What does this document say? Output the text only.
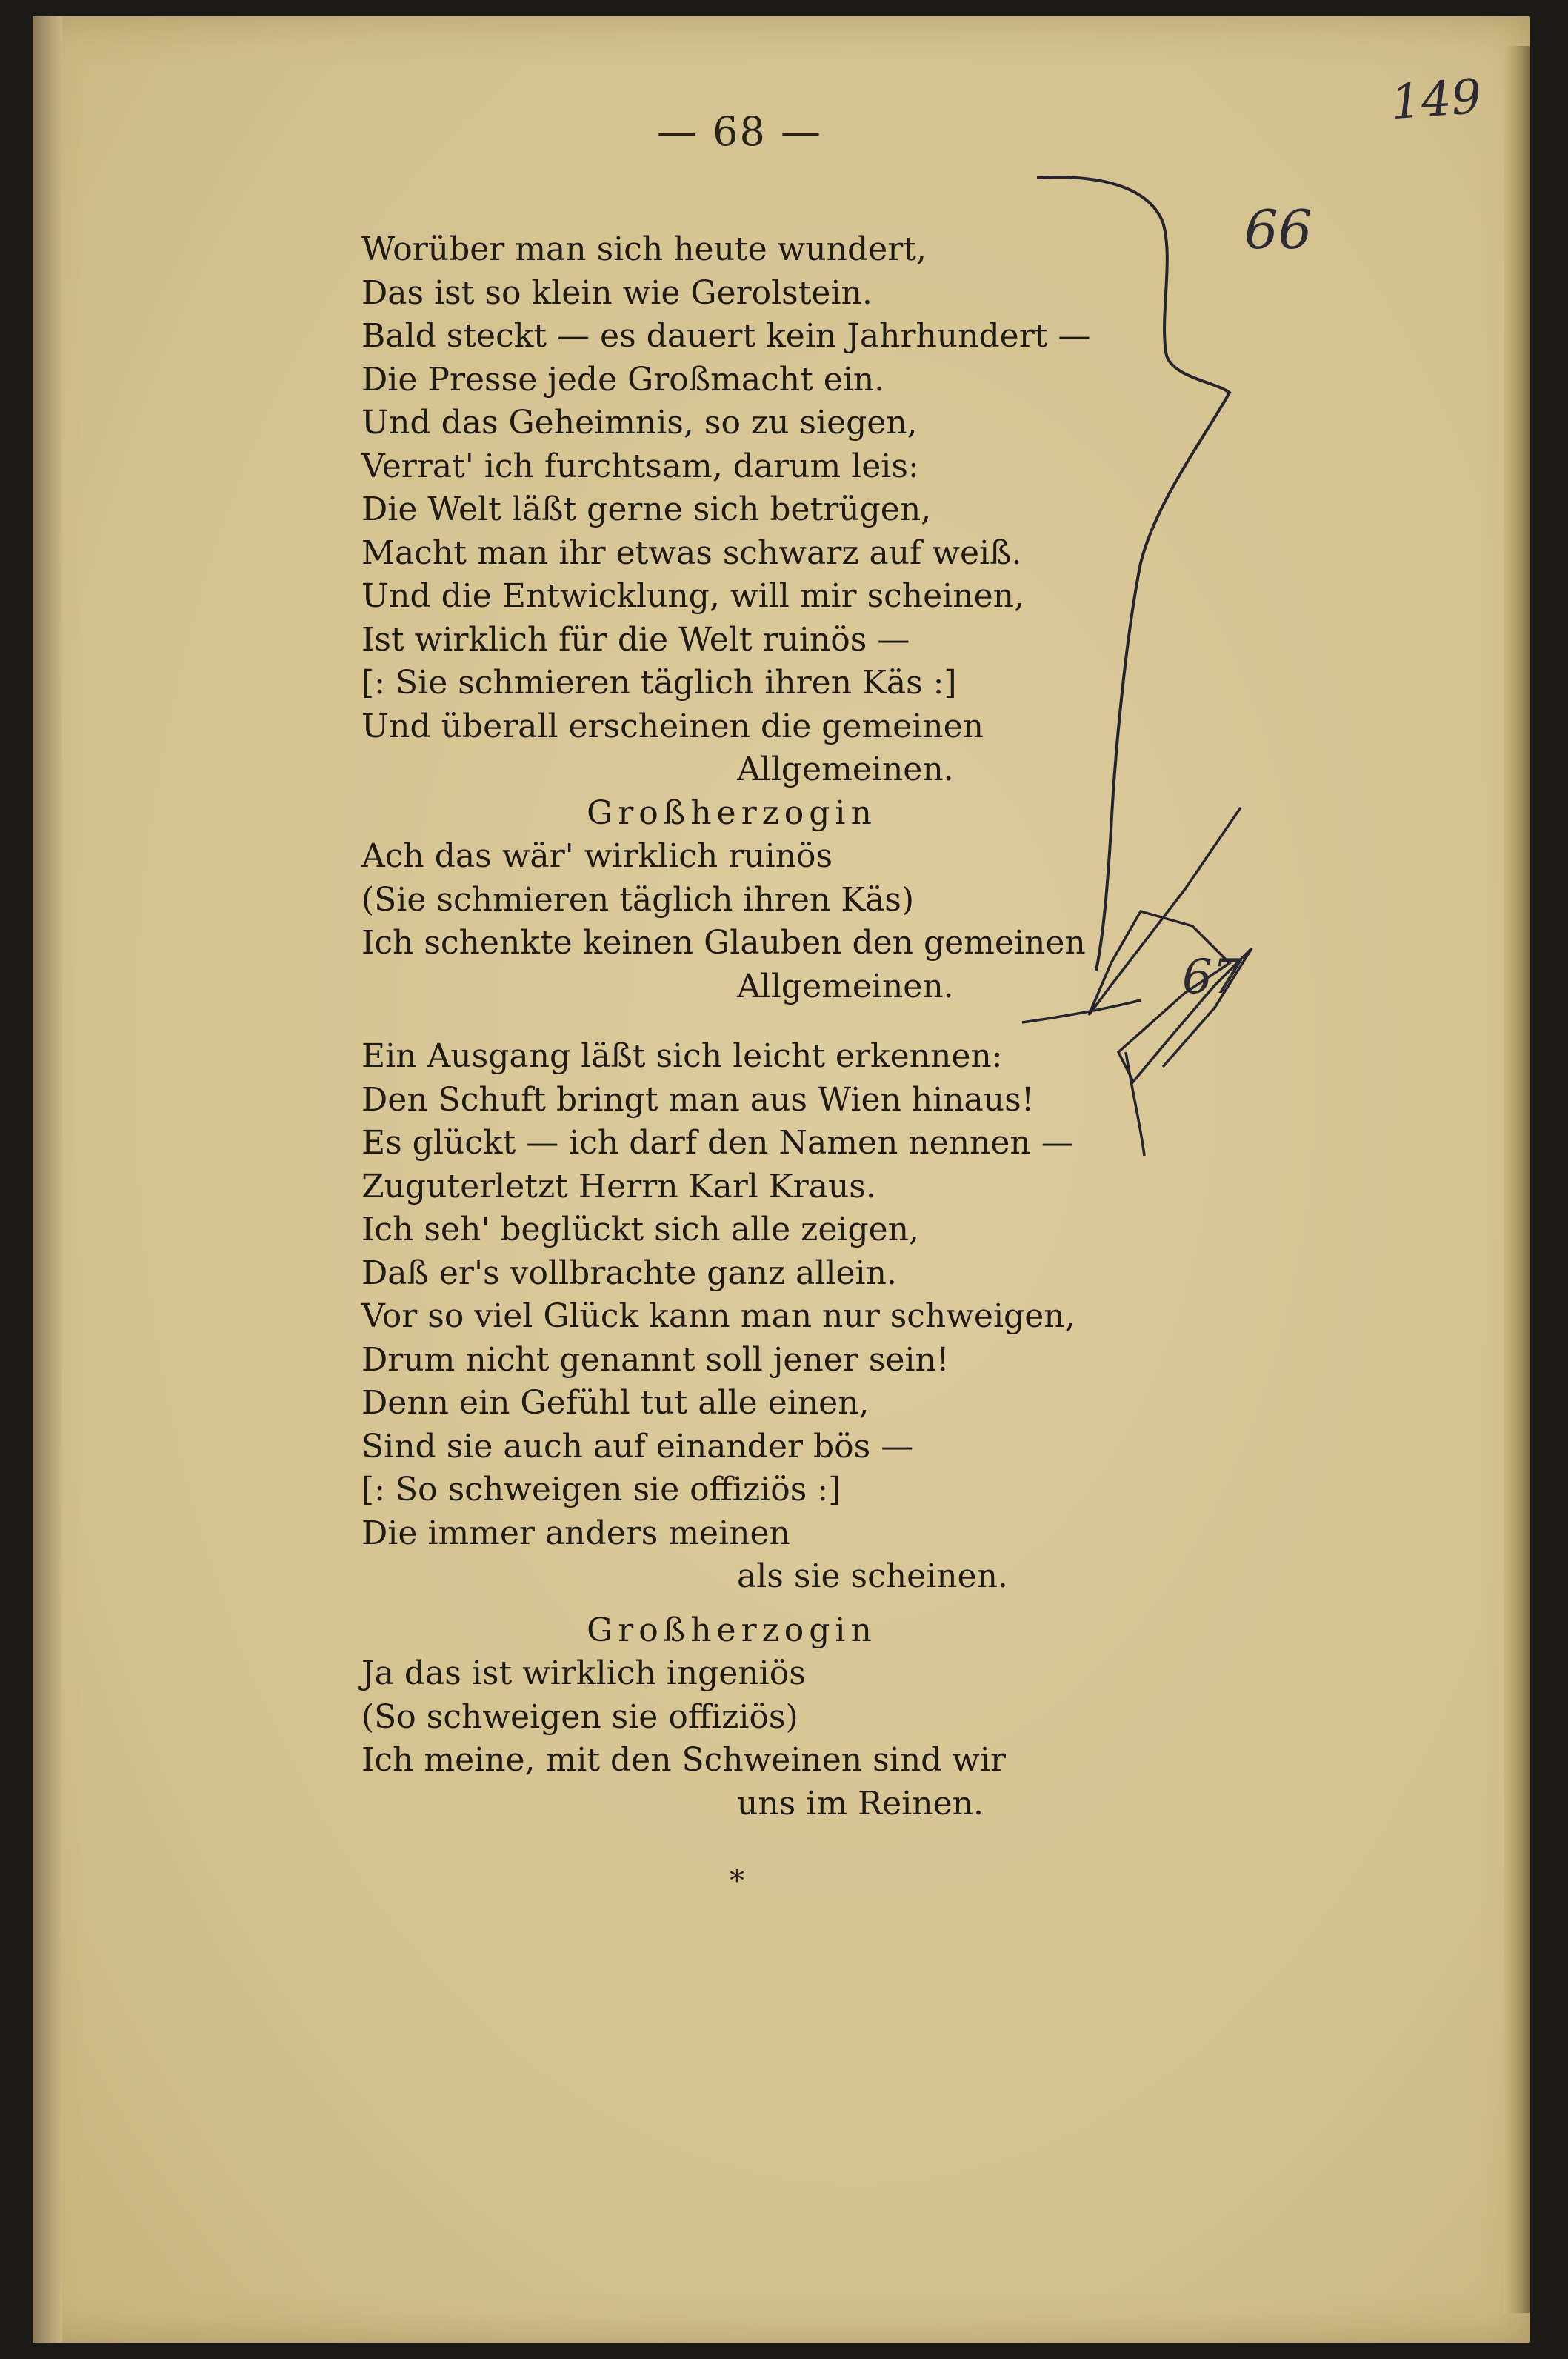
— 68 —
149
66
67
Worüber man sich heute wundert,
Das ist so klein wie Gerolstein.
Bald steckt — es dauert kein Jahrhundert —
Die Presse jede Großmacht ein.
Und das Geheimnis, so zu siegen,
Verrat' ich furchtsam, darum leis:
Die Welt läßt gerne sich betrügen,
Macht man ihr etwas schwarz auf weiß.
Und die Entwicklung, will mir scheinen,
Ist wirklich für die Welt ruinös —
[: Sie schmieren täglich ihren Käs :]
Und überall erscheinen die gemeinen
Allgemeinen.
Großherzogin
Ach das wär' wirklich ruinös
(Sie schmieren täglich ihren Käs)
Ich schenkte keinen Glauben den gemeinen
Allgemeinen.
Ein Ausgang läßt sich leicht erkennen:
Den Schuft bringt man aus Wien hinaus!
Es glückt — ich darf den Namen nennen —
Zuguterletzt Herrn Karl Kraus.
Ich seh' beglückt sich alle zeigen,
Daß er's vollbrachte ganz allein.
Vor so viel Glück kann man nur schweigen,
Drum nicht genannt soll jener sein!
Denn ein Gefühl tut alle einen,
Sind sie auch auf einander bös —
[: So schweigen sie offiziös :]
Die immer anders meinen
als sie scheinen.
Großherzogin
Ja das ist wirklich ingeniös
(So schweigen sie offiziös)
Ich meine, mit den Schweinen sind wir
uns im Reinen.
*
